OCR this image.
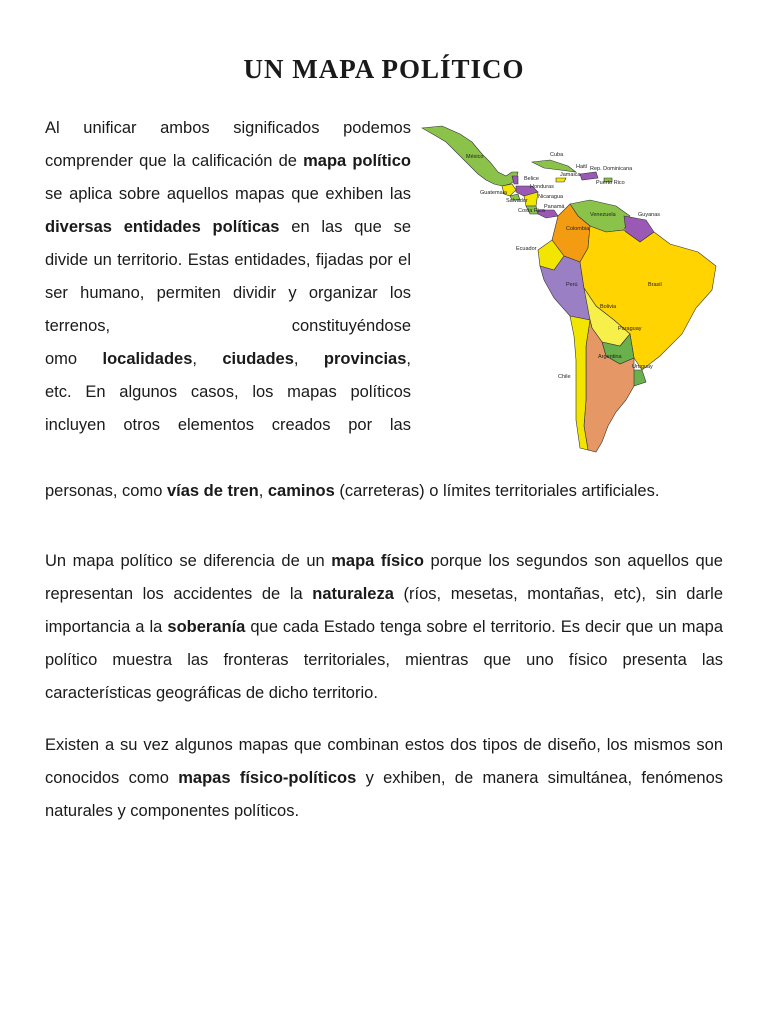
UN MAPA POLÍTICO

Al unificar ambos significados podemos comprender que la calificación de mapa político se aplica sobre aquellos mapas que exhiben las diversas entidades políticas en las que se divide un territorio. Estas entidades, fijadas por el ser humano, permiten dividir y organizar los terrenos, constituyéndose
omo localidades, ciudades, provincias,
etc. En algunos casos, los mapas políticos incluyen otros elementos creados por las

personas, como vías de tren, caminos (carreteras) o límites territoriales artificiales.

Un mapa político se diferencia de un mapa físico porque los segundos son aquellos que representan los accidentes de la naturaleza (ríos, mesetas, montañas, etc), sin darle importancia a la soberanía que cada Estado tenga sobre el territorio. Es decir que un mapa político muestra las fronteras territoriales, mientras que uno físico presenta las características geográficas de dicho territorio.

Existen a su vez algunos mapas que combinan estos dos tipos de diseño, los mismos son conocidos como mapas físico-políticos y exhiben, de manera simultánea, fenómenos naturales y componentes políticos.

México	Cuba
Haití Rep. Dominicana
Jamaica
Puerto Rico
Belice
Honduras
Guatemala
Salvador
Nicaragua
Costa Rica
Panamá
Venezuela	Guyanas
Colombia
Ecuador
Perú	Brasil
Bolivia
Paraguay
Argentina
Uruguay
Chile
